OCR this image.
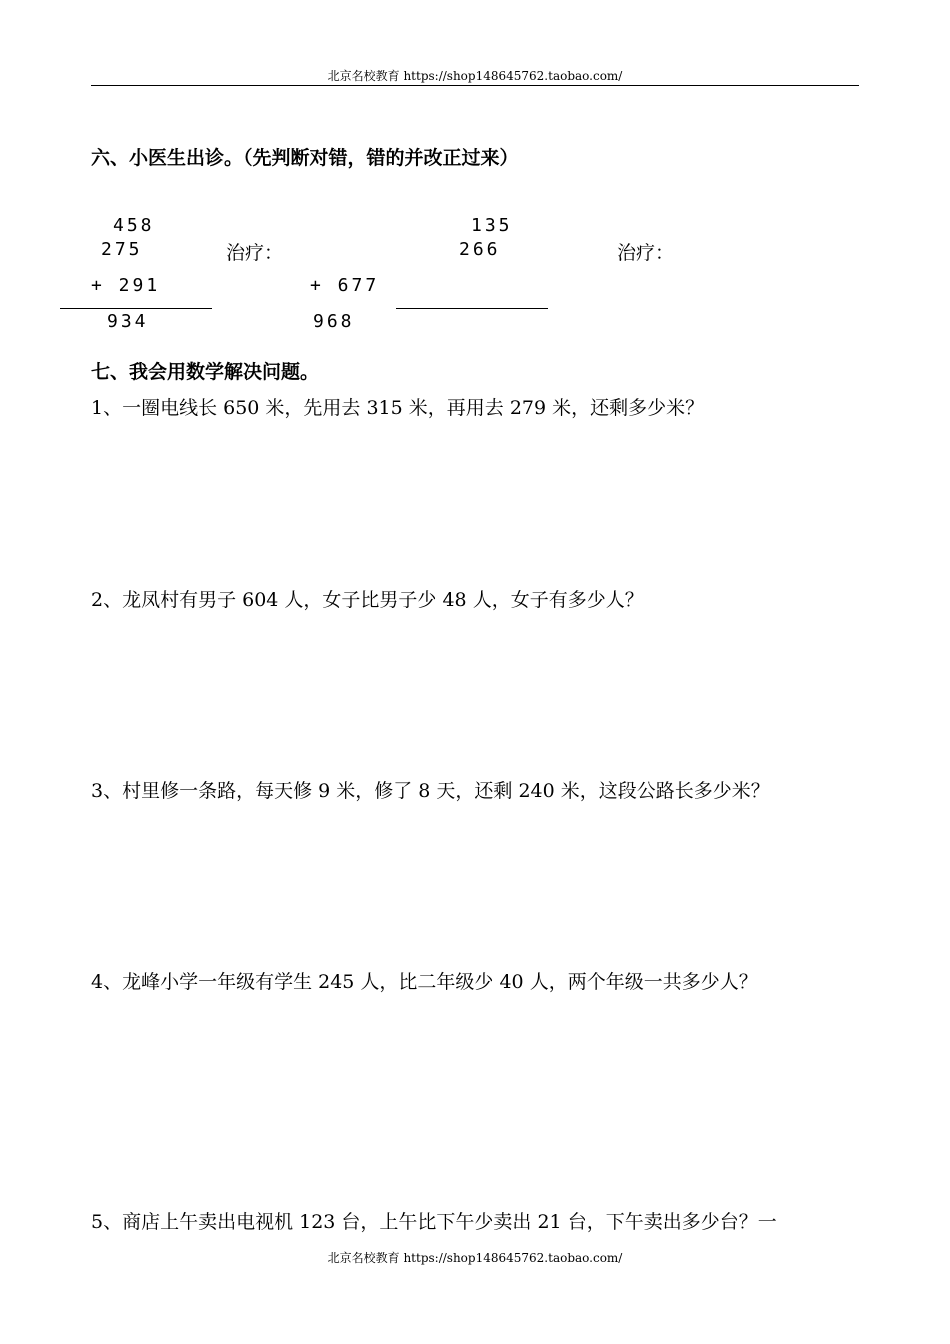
北京名校教育 https://shop148645762.taobao.com/
六、小医生出诊。（先判断对错，错的并改正过来）
458
275
+ 291
934
治疗：
135
266
+ 677
968
治疗：
七、我会用数学解决问题。
1、一圈电线长 650 米，先用去 315 米，再用去 279 米，还剩多少米？
2、龙凤村有男子 604 人，女子比男子少 48 人，女子有多少人？
3、村里修一条路，每天修 9 米，修了 8 天，还剩 240 米，这段公路长多少米？
4、龙峰小学一年级有学生 245 人，比二年级少 40 人，两个年级一共多少人？
5、商店上午卖出电视机 123 台，上午比下午少卖出 21 台，下午卖出多少台？一
北京名校教育 https://shop148645762.taobao.com/
